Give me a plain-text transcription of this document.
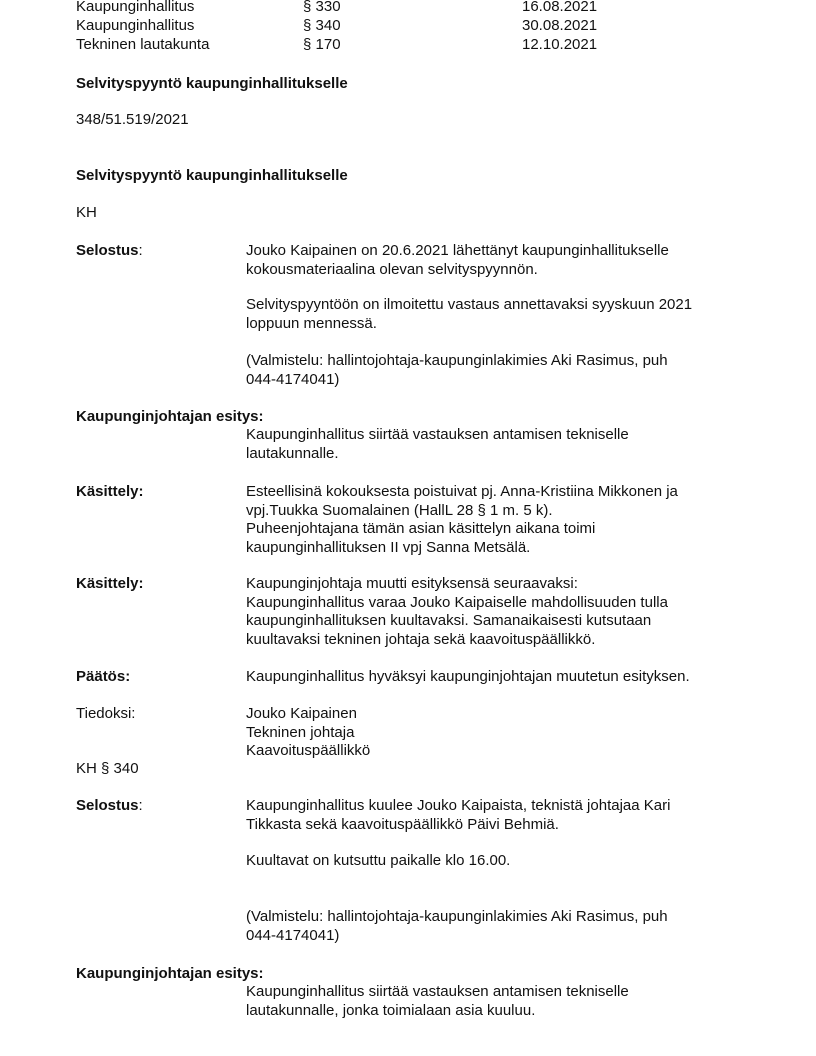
Kaupunginhallitus	§ 330	16.08.2021
Kaupunginhallitus	§ 340	30.08.2021
Tekninen lautakunta	§ 170	12.10.2021
Selvityspyyntö kaupunginhallitukselle
348/51.519/2021
Selvityspyyntö kaupunginhallitukselle
KH
Selostus:	Jouko Kaipainen on 20.6.2021 lähettänyt kaupunginhallitukselle
kokousmateriaalina olevan selvityspyynnön.
Selvityspyyntöön on ilmoitettu vastaus annettavaksi syyskuun 2021
loppuun mennessä.
(Valmistelu: hallintojohtaja-kaupunginlakimies Aki Rasimus, puh
044-4174041)
Kaupunginjohtajan esitys:
Kaupunginhallitus siirtää vastauksen antamisen tekniselle
lautakunnalle.
Käsittely:	Esteellisinä kokouksesta poistuivat pj. Anna-Kristiina Mikkonen ja
vpj.Tuukka Suomalainen (HallL 28 § 1 m. 5 k).
Puheenjohtajana tämän asian käsittelyn aikana toimi
kaupunginhallituksen II vpj Sanna Metsälä.
Käsittely:	Kaupunginjohtaja muutti esityksensä seuraavaksi:
Kaupunginhallitus varaa Jouko Kaipaiselle mahdollisuuden tulla
kaupunginhallituksen kuultavaksi. Samanaikaisesti kutsutaan
kuultavaksi tekninen johtaja sekä kaavoituspäällikkö.
Päätös:	Kaupunginhallitus hyväksyi kaupunginjohtajan muutetun esityksen.
Tiedoksi:	Jouko Kaipainen
Tekninen johtaja
Kaavoituspäällikkö
KH § 340
Selostus:	Kaupunginhallitus kuulee Jouko Kaipaista, teknistä johtajaa Kari
Tikkasta sekä kaavoituspäällikkö Päivi Behmiä.
Kuultavat on kutsuttu paikalle klo 16.00.
(Valmistelu: hallintojohtaja-kaupunginlakimies Aki Rasimus, puh
044-4174041)
Kaupunginjohtajan esitys:
Kaupunginhallitus siirtää vastauksen antamisen tekniselle
lautakunnalle, jonka toimialaan asia kuuluu.
